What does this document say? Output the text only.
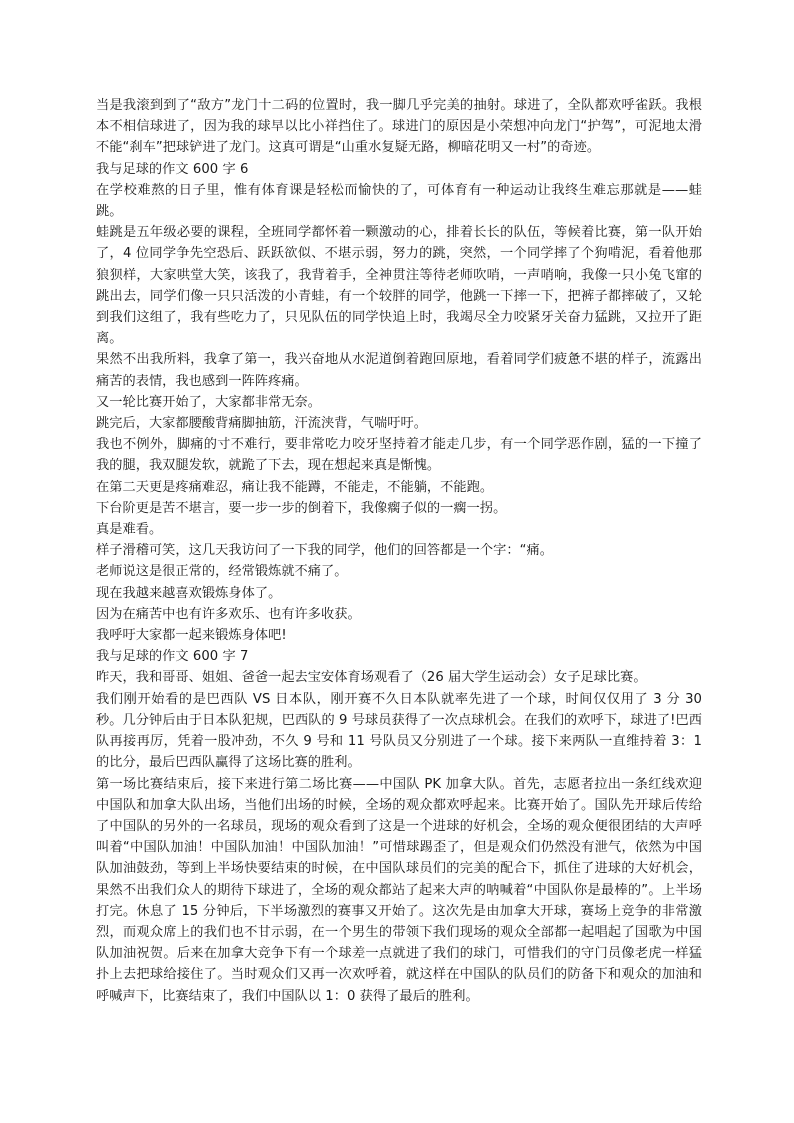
当是我滚到到了“敌方”龙门十二码的位置时，我一脚几乎完美的抽射。球进了，全队都欢呼雀跃。我根本不相信球进了，因为我的球早以比小祥挡住了。球进门的原因是小荣想冲向龙门“护驾”，可泥地太滑不能“刹车”把球铲进了龙门。这真可谓是“山重水复疑无路，柳暗花明又一村”的奇迹。

我与足球的作文 600 字 6

在学校难熬的日子里，惟有体育课是轻松而愉快的了，可体育有一种运动让我终生难忘那就是——蛙跳。

蛙跳是五年级必要的课程，全班同学都怀着一颗激动的心，排着长长的队伍，等候着比赛，第一队开始了，4 位同学争先空恐后、跃跃欲似、不堪示弱，努力的跳，突然，一个同学摔了个狗啃泥，看着他那狼狈样，大家哄堂大笑，该我了，我背着手，全神贯注等待老师吹哨，一声哨响，我像一只小兔飞窜的跳出去，同学们像一只只活泼的小青蛙，有一个较胖的同学，他跳一下摔一下，把裤子都摔破了，又轮到我们这组了，我有些吃力了，只见队伍的同学快追上时，我竭尽全力咬紧牙关奋力猛跳，又拉开了距离。

果然不出我所料，我拿了第一，我兴奋地从水泥道倒着跑回原地，看着同学们疲惫不堪的样子，流露出痛苦的表情，我也感到一阵阵疼痛。

又一轮比赛开始了，大家都非常无奈。

跳完后，大家都腰酸背痛脚抽筋，汗流浃背，气喘吁吁。

我也不例外，脚痛的寸不难行，要非常吃力咬牙坚持着才能走几步，有一个同学恶作剧，猛的一下撞了我的腿，我双腿发软，就跪了下去，现在想起来真是惭愧。

在第二天更是疼痛难忍，痛让我不能蹲，不能走，不能躺，不能跑。

下台阶更是苦不堪言，要一步一步的倒着下，我像瘸子似的一瘸一拐。

真是难看。

样子滑稽可笑，这几天我访问了一下我的同学，他们的回答都是一个字：“痛。

老师说这是很正常的，经常锻炼就不痛了。

现在我越来越喜欢锻炼身体了。

因为在痛苦中也有许多欢乐、也有许多收获。

我呼吁大家都一起来锻炼身体吧!

我与足球的作文 600 字 7

昨天，我和哥哥、姐姐、爸爸一起去宝安体育场观看了（26 届大学生运动会）女子足球比赛。

我们刚开始看的是巴西队 VS 日本队，刚开赛不久日本队就率先进了一个球，时间仅仅用了 3 分 30 秒。几分钟后由于日本队犯规，巴西队的 9 号球员获得了一次点球机会。在我们的欢呼下，球进了!巴西队再接再厉，凭着一股冲劲，不久 9 号和 11 号队员又分别进了一个球。接下来两队一直维持着 3：1 的比分，最后巴西队赢得了这场比赛的胜利。

第一场比赛结束后，接下来进行第二场比赛——中国队 PK 加拿大队。首先，志愿者拉出一条红线欢迎中国队和加拿大队出场，当他们出场的时候，全场的观众都欢呼起来。比赛开始了。国队先开球后传给了中国队的另外的一名球员，现场的观众看到了这是一个进球的好机会，全场的观众便很团结的大声呼叫着“中国队加油！中国队加油！中国队加油！”可惜球踢歪了，但是观众们仍然没有泄气，依然为中国队加油鼓劲，等到上半场快要结束的时候，在中国队球员们的完美的配合下，抓住了进球的大好机会，果然不出我们众人的期待下球进了，全场的观众都站了起来大声的呐喊着“中国队你是最棒的”。上半场打完。休息了 15 分钟后，下半场激烈的赛事又开始了。这次先是由加拿大开球，赛场上竞争的非常激烈，而观众席上的我们也不甘示弱，在一个男生的带领下我们现场的观众全部都一起唱起了国歌为中国队加油祝贺。后来在加拿大竞争下有一个球差一点就进了我们的球门，可惜我们的守门员像老虎一样猛扑上去把球给接住了。当时观众们又再一次欢呼着，就这样在中国队的队员们的防备下和观众的加油和呼喊声下，比赛结束了，我们中国队以 1：0 获得了最后的胜利。
